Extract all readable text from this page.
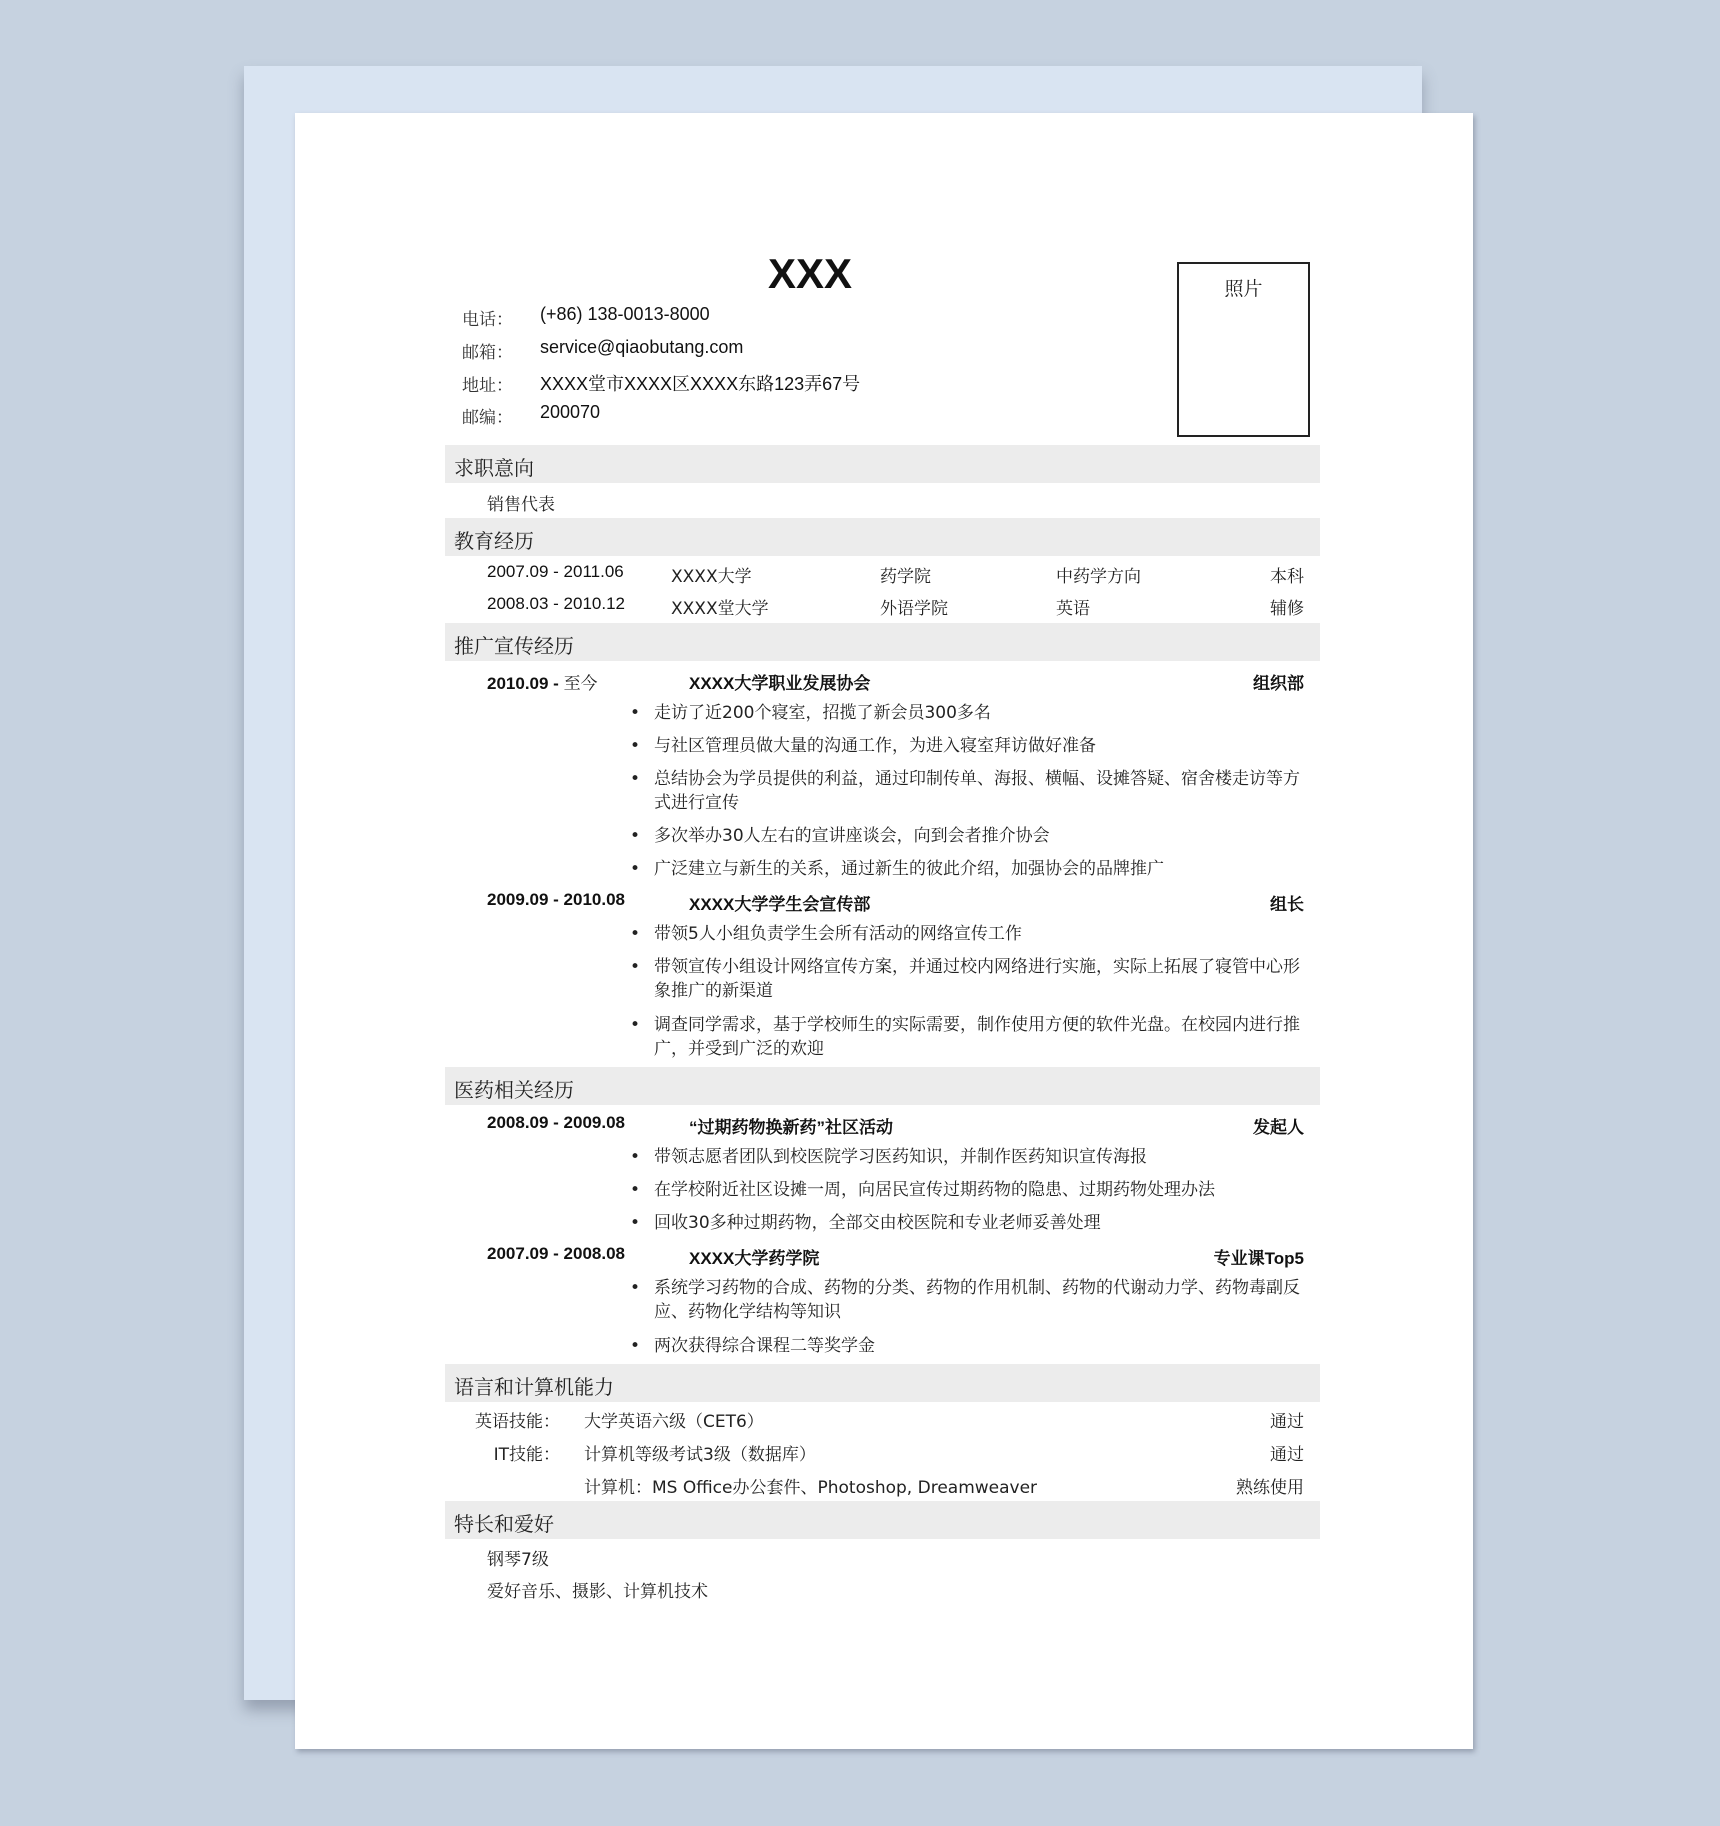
XXX
电话： (+86) 138-0013-8000
邮箱： service@qiaobutang.com
地址： XXXX堂市XXXX区XXXX东路123弄67号
邮编： 200070
照片
求职意向
销售代表
教育经历
2007.09 - 2011.06	XXXX大学	药学院	中药学方向	本科
2008.03 - 2010.12	XXXX堂大学	外语学院	英语	辅修
推广宣传经历
2010.09 - 至今	XXXX大学职业发展协会	组织部
• 走访了近200个寝室，招揽了新会员300多名
• 与社区管理员做大量的沟通工作，为进入寝室拜访做好准备
• 总结协会为学员提供的利益，通过印制传单、海报、横幅、设摊答疑、宿舍楼走访等方式进行宣传
• 多次举办30人左右的宣讲座谈会，向到会者推介协会
• 广泛建立与新生的关系，通过新生的彼此介绍，加强协会的品牌推广
2009.09 - 2010.08	XXXX大学学生会宣传部	组长
• 带领5人小组负责学生会所有活动的网络宣传工作
• 带领宣传小组设计网络宣传方案，并通过校内网络进行实施，实际上拓展了寝管中心形象推广的新渠道
• 调查同学需求，基于学校师生的实际需要，制作使用方便的软件光盘。在校园内进行推广，并受到广泛的欢迎
医药相关经历
2008.09 - 2009.08	“过期药物换新药”社区活动	发起人
• 带领志愿者团队到校医院学习医药知识，并制作医药知识宣传海报
• 在学校附近社区设摊一周，向居民宣传过期药物的隐患、过期药物处理办法
• 回收30多种过期药物，全部交由校医院和专业老师妥善处理
2007.09 - 2008.08	XXXX大学药学院	专业课Top5
• 系统学习药物的合成、药物的分类、药物的作用机制、药物的代谢动力学、药物毒副反应、药物化学结构等知识
• 两次获得综合课程二等奖学金
语言和计算机能力
英语技能： 大学英语六级（CET6）	通过
IT技能： 计算机等级考试3级（数据库）	通过
计算机：MS Office办公套件、Photoshop, Dreamweaver	熟练使用
特长和爱好
钢琴7级
爱好音乐、摄影、计算机技术
